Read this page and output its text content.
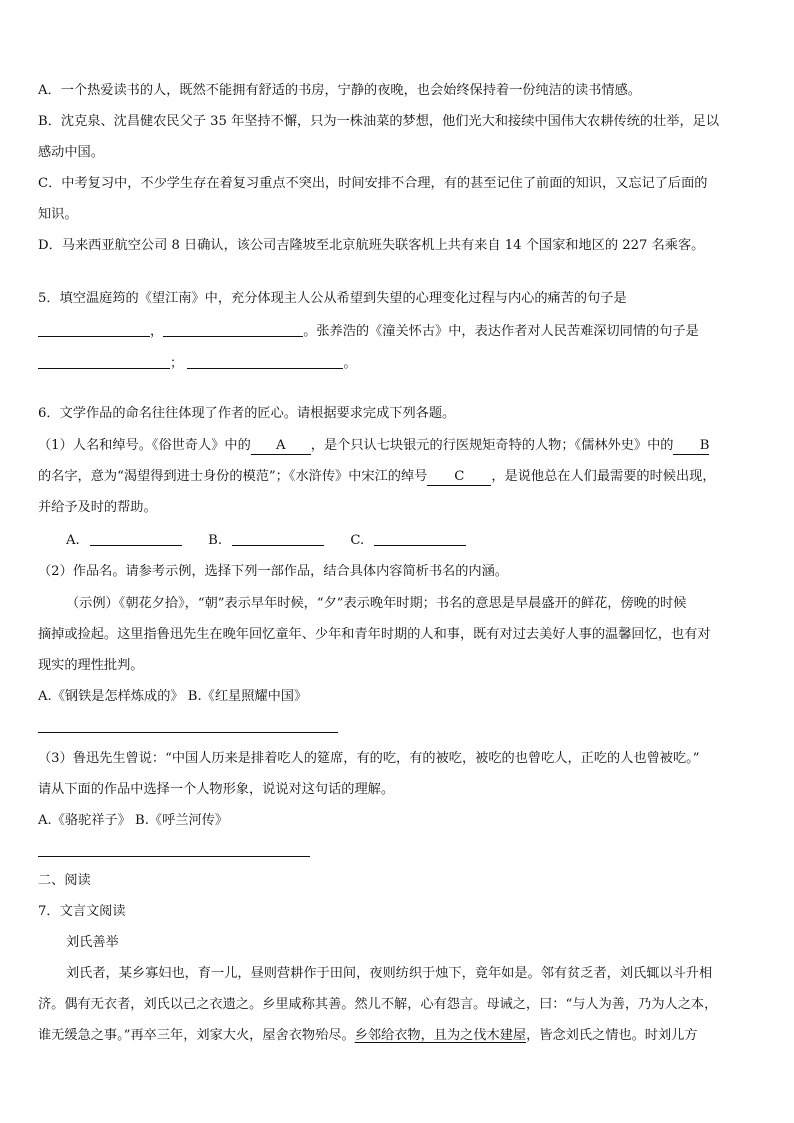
A．一个热爱读书的人，既然不能拥有舒适的书房，宁静的夜晚，也会始终保持着一份纯洁的读书情感。
B．沈克泉、沈昌健农民父子 35 年坚持不懈，只为一株油菜的梦想，他们光大和接续中国伟大农耕传统的壮举，足以
感动中国。
C．中考复习中，不少学生存在着复习重点不突出，时间安排不合理，有的甚至记住了前面的知识，又忘记了后面的
知识。
D．马来西亚航空公司 8 日确认，该公司吉隆坡至北京航班失联客机上共有来自 14 个国家和地区的 227 名乘客。
5．填空温庭筠的《望江南》中，充分体现主人公从希望到失望的心理变化过程与内心的痛苦的句子是
，	。张养浩的《潼关怀古》中，表达作者对人民苦难深切同情的句子是
；	。
6．文学作品的命名往往体现了作者的匠心。请根据要求完成下列各题。
（1）人名和绰号。《俗世奇人》中的 A ，是个只认七块银元的行医规矩奇特的人物；《儒林外史》中的 B
的名字，意为“渴望得到进士身份的模范”；《水浒传》中宋江的绰号 C ，是说他总在人们最需要的时候出现，
并给予及时的帮助。
A.	B.	C.
（2）作品名。请参考示例，选择下列一部作品，结合具体内容简析书名的内涵。
（示例）《朝花夕拾》，“朝”表示早年时候，“夕”表示晚年时期；书名的意思是早晨盛开的鲜花，傍晚的时候
摘掉或捡起。这里指鲁迅先生在晚年回忆童年、少年和青年时期的人和事，既有对过去美好人事的温馨回忆，也有对
现实的理性批判。
A.《钢铁是怎样炼成的》 B.《红星照耀中国》
（3）鲁迅先生曾说：“中国人历来是排着吃人的筵席，有的吃，有的被吃，被吃的也曾吃人，正吃的人也曾被吃。”
请从下面的作品中选择一个人物形象，说说对这句话的理解。
A.《骆驼祥子》 B.《呼兰河传》
二、阅读
7．文言文阅读
刘氏善举
刘氏者，某乡寡妇也，育一儿，昼则营耕作于田间，夜则纺织于烛下，竟年如是。邻有贫乏者，刘氏辄以斗升相
济。偶有无衣者，刘氏以己之衣遗之。乡里咸称其善。然儿不解，心有怨言。母诫之，曰：“与人为善，乃为人之本，
谁无缓急之事。”再卒三年，刘家大火，屋舍衣物殆尽。乡邻给衣物，且为之伐木建屋，皆念刘氏之情也。时刘儿方
